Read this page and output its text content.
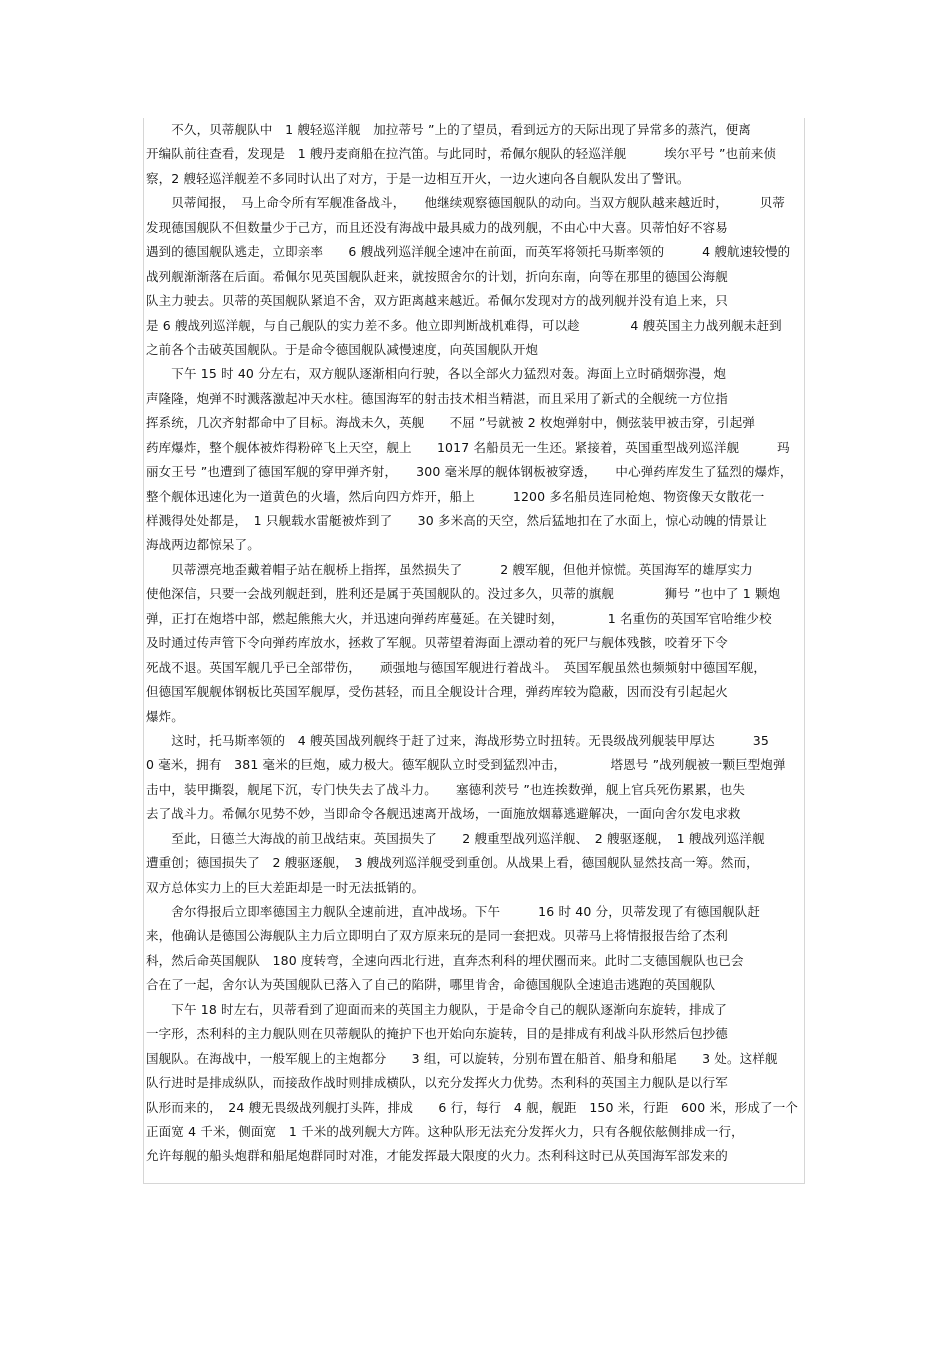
　　不久，贝蒂舰队中　1 艘轻巡洋舰　加拉蒂号 ”上的了望员，看到远方的天际出现了异常多的蒸汽，便离
开编队前往查看，发现是　1 艘丹麦商船在拉汽笛。与此同时，希佩尔舰队的轻巡洋舰　　　埃尔平号 ”也前来侦
察，2 艘轻巡洋舰差不多同时认出了对方，于是一边相互开火，一边火速向各自舰队发出了警讯。
　　贝蒂闻报，　马上命令所有军舰准备战斗，　　他继续观察德国舰队的动向。当双方舰队越来越近时，　　　贝蒂
发现德国舰队不但数量少于己方，而且还没有海战中最具威力的战列舰，不由心中大喜。贝蒂怕好不容易
遇到的德国舰队逃走，立即亲率　　6 艘战列巡洋舰全速冲在前面，而英军将领托马斯率领的　　　4 艘航速较慢的
战列舰渐渐落在后面。希佩尔见英国舰队赶来，就按照舍尔的计划，折向东南，向等在那里的德国公海舰
队主力驶去。贝蒂的英国舰队紧追不舍，双方距离越来越近。希佩尔发现对方的战列舰并没有追上来，只
是 6 艘战列巡洋舰，与自己舰队的实力差不多。他立即判断战机难得，可以趁　　　　4 艘英国主力战列舰未赶到
之前各个击破英国舰队。于是命令德国舰队减慢速度，向英国舰队开炮
　　下午 15 时 40 分左右，双方舰队逐渐相向行驶，各以全部火力猛烈对轰。海面上立时硝烟弥漫，炮
声隆隆，炮弹不时溅落激起冲天水柱。德国海军的射击技术相当精湛，而且采用了新式的全舰统一方位指
挥系统，几次齐射都命中了目标。海战未久，英舰　　不屈 ”号就被 2 枚炮弹射中，侧弦装甲被击穿，引起弹
药库爆炸，整个舰体被炸得粉碎飞上天空，舰上　　1017 名船员无一生还。紧接着，英国重型战列巡洋舰　　　玛
丽女王号 ”也遭到了德国军舰的穿甲弹齐射，　　300 毫米厚的舰体钢板被穿透，　　中心弹药库发生了猛烈的爆炸，
整个舰体迅速化为一道黄色的火墙，然后向四方炸开，船上　　　1200 多名船员连同枪炮、物资像天女散花一
样溅得处处都是，　1 只舰载水雷艇被炸到了　　30 多米高的天空，然后猛地扣在了水面上，惊心动魄的情景让
海战两边都惊呆了。
　　贝蒂漂亮地歪戴着帽子站在舰桥上指挥，虽然损失了　　　2 艘军舰，但他并惊慌。英国海军的雄厚实力
使他深信，只要一会战列舰赶到，胜利还是属于英国舰队的。没过多久，贝蒂的旗舰　　　　狮号 ”也中了 1 颗炮
弹，正打在炮塔中部，燃起熊熊大火，并迅速向弹药库蔓延。在关键时刻，　　　　1 名重伤的英国军官哈维少校
及时通过传声管下令向弹药库放水，拯救了军舰。贝蒂望着海面上漂动着的死尸与舰体残骸，咬着牙下令
死战不退。英国军舰几乎已全部带伤，　　顽强地与德国军舰进行着战斗。　英国军舰虽然也频频射中德国军舰，
但德国军舰舰体钢板比英国军舰厚，受伤甚轻，而且全舰设计合理，弹药库较为隐蔽，因而没有引起起火
爆炸。
　　这时，托马斯率领的　4 艘英国战列舰终于赶了过来，海战形势立时扭转。无畏级战列舰装甲厚达　　　35
0 毫米，拥有　381 毫米的巨炮，威力极大。德军舰队立时受到猛烈冲击，　　　　塔恩号 ”战列舰被一颗巨型炮弹
击中，装甲撕裂，舰尾下沉，专门快失去了战斗力。　　塞德利茨号 ”也连挨数弹，舰上官兵死伤累累，也失
去了战斗力。希佩尔见势不妙，当即命令各舰迅速离开战场，一面施放烟幕逃避解决，一面向舍尔发电求救
　　至此，日德兰大海战的前卫战结束。英国损失了　　2 艘重型战列巡洋舰、　2 艘驱逐舰，　1 艘战列巡洋舰
遭重创；德国损失了　2 艘驱逐舰，　3 艘战列巡洋舰受到重创。从战果上看，德国舰队显然技高一筹。然而，
双方总体实力上的巨大差距却是一时无法抵销的。
　　舍尔得报后立即率德国主力舰队全速前进，直冲战场。下午　　　16 时 40 分，贝蒂发现了有德国舰队赶
来，他确认是德国公海舰队主力后立即明白了双方原来玩的是同一套把戏。贝蒂马上将情报报告给了杰利
科，然后命英国舰队　180 度转弯，全速向西北行进，直奔杰利科的埋伏圈而来。此时二支德国舰队也已会
合在了一起，舍尔认为英国舰队已落入了自己的陷阱，哪里肯舍，命德国舰队全速追击逃跑的英国舰队
　　下午 18 时左右，贝蒂看到了迎面而来的英国主力舰队，于是命令自己的舰队逐渐向东旋转，排成了
一字形，杰利科的主力舰队则在贝蒂舰队的掩护下也开始向东旋转，目的是排成有利战斗队形然后包抄德
国舰队。在海战中，一般军舰上的主炮都分　　3 组，可以旋转，分别布置在船首、船身和船尾　　3 处。这样舰
队行进时是排成纵队，而接敌作战时则排成横队，以充分发挥火力优势。杰利科的英国主力舰队是以行军
队形而来的，　24 艘无畏级战列舰打头阵，排成　　6 行，每行　4 舰，舰距　150 米，行距　600 米，形成了一个
正面宽 4 千米，侧面宽　1 千米的战列舰大方阵。这种队形无法充分发挥火力，只有各舰依舷侧排成一行，
允许每舰的船头炮群和船尾炮群同时对准，才能发挥最大限度的火力。杰利科这时已从英国海军部发来的
